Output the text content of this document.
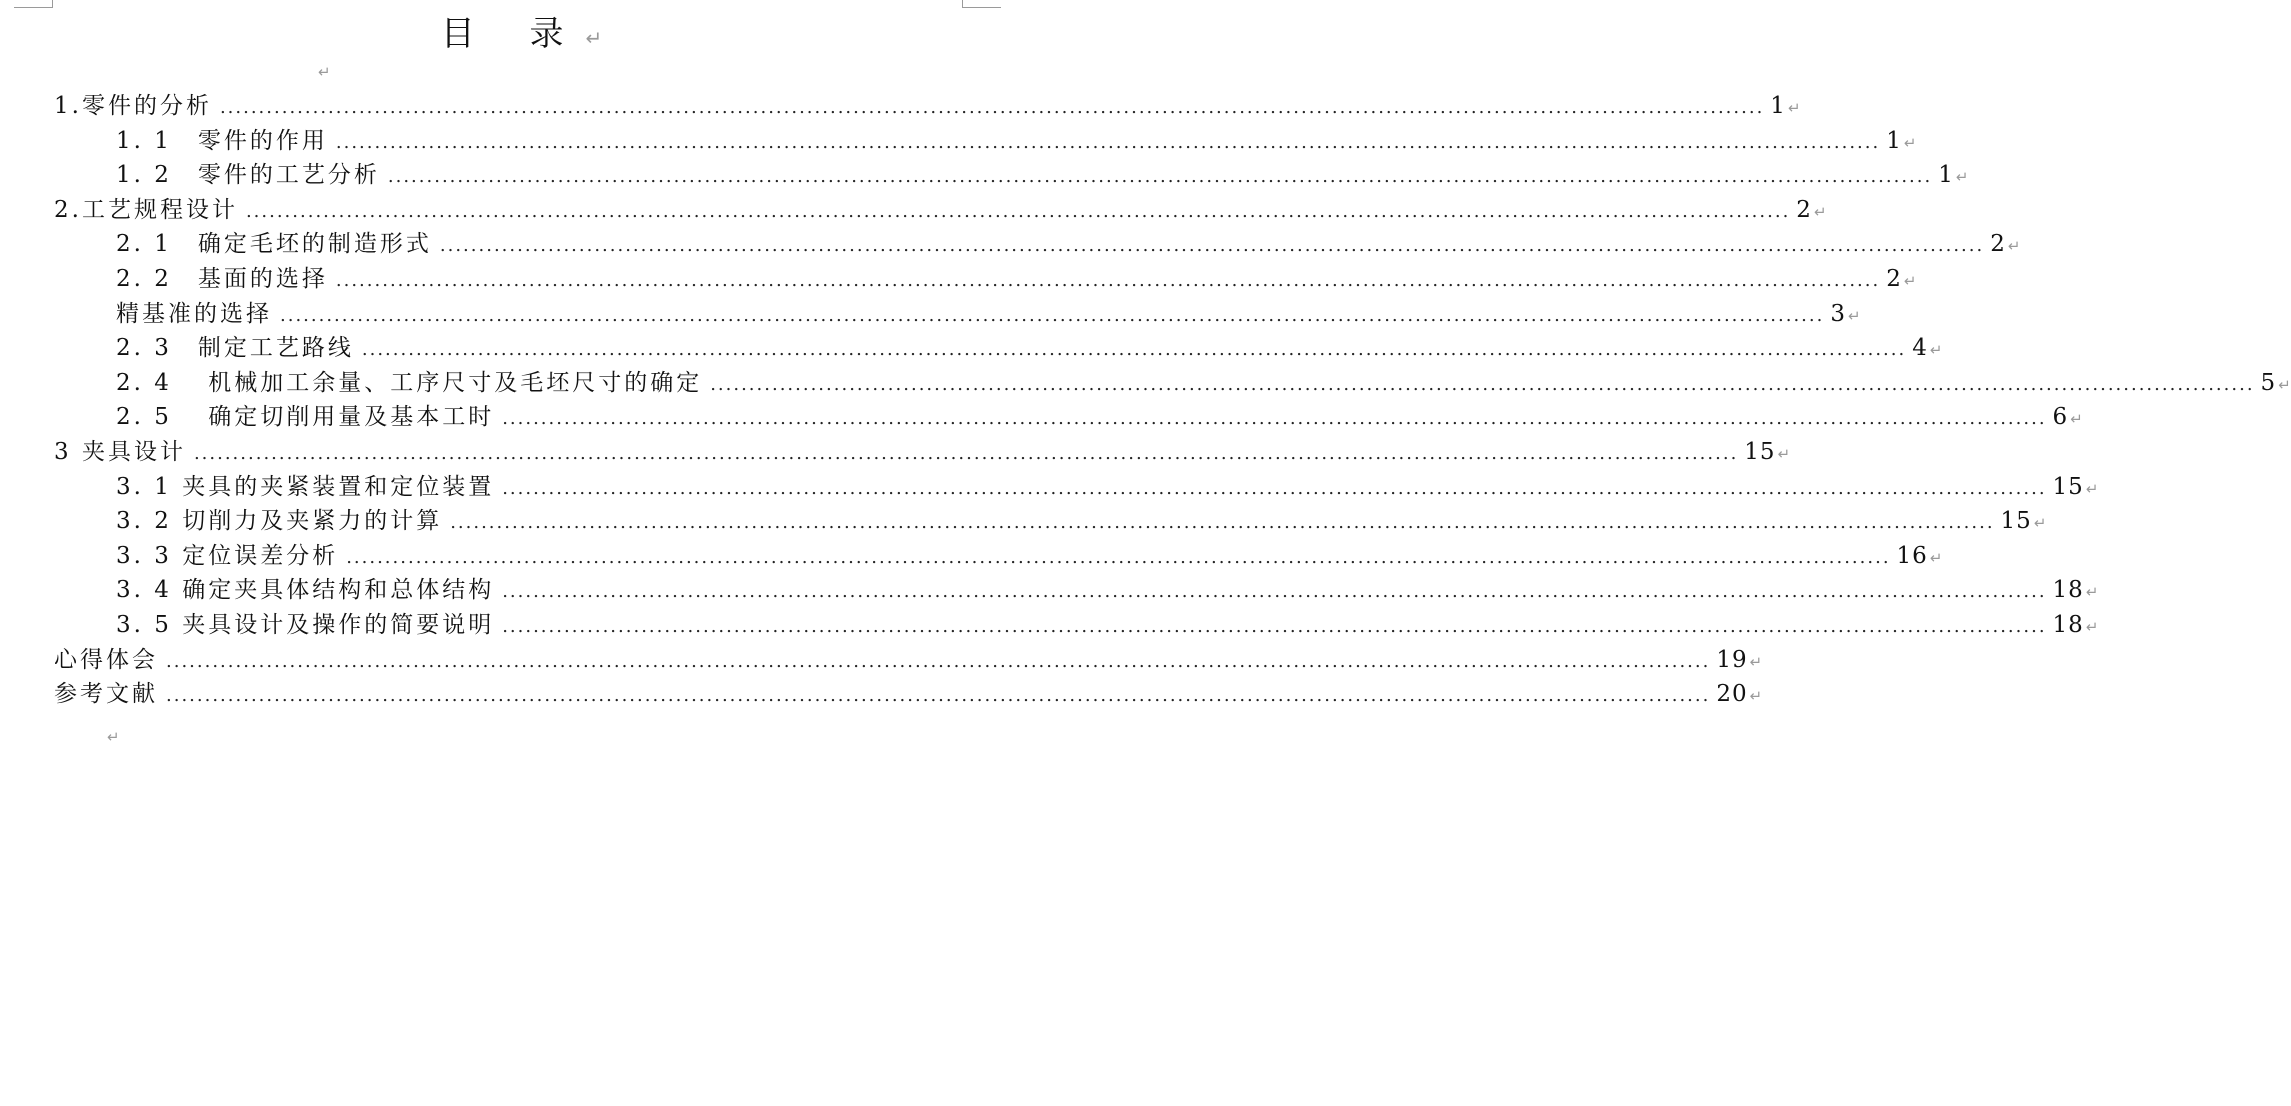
目 录↵
↵
1.零件的分析 ........................................................................................................................................................................................................ 1 ↵
1. 1　零件的作用 ........................................................................................................................................................................................................ 1 ↵
1. 2　零件的工艺分析 ........................................................................................................................................................................................................ 1 ↵
2.工艺规程设计 ........................................................................................................................................................................................................ 2 ↵
2. 1　确定毛坯的制造形式 ........................................................................................................................................................................................................ 2 ↵
2. 2　基面的选择 ........................................................................................................................................................................................................ 2 ↵
精基准的选择 ........................................................................................................................................................................................................ 3 ↵
2. 3　制定工艺路线 ........................................................................................................................................................................................................ 4 ↵
2. 4　 机械加工余量、工序尺寸及毛坯尺寸的确定 ........................................................................................................................................................................................................ 5 ↵
2. 5　 确定切削用量及基本工时 ........................................................................................................................................................................................................ 6 ↵
3 夹具设计 ........................................................................................................................................................................................................ 15 ↵
3. 1 夹具的夹紧装置和定位装置 ........................................................................................................................................................................................................ 15 ↵
3. 2 切削力及夹紧力的计算 ........................................................................................................................................................................................................ 15 ↵
3. 3 定位误差分析 ........................................................................................................................................................................................................ 16 ↵
3. 4 确定夹具体结构和总体结构 ........................................................................................................................................................................................................ 18 ↵
3. 5 夹具设计及操作的简要说明 ........................................................................................................................................................................................................ 18 ↵
心得体会 ........................................................................................................................................................................................................ 19 ↵
参考文献 ........................................................................................................................................................................................................ 20 ↵
↵
